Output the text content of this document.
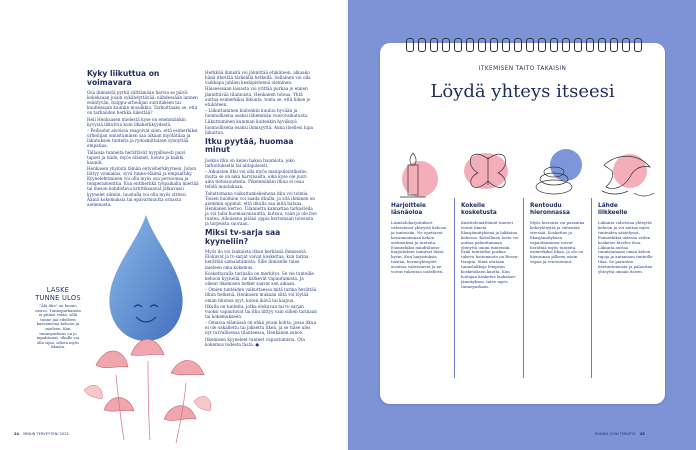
Kyky liikuttua on voimavara

Osa ihmisistä pyrkii välttämään harvia se päivä kokeksaan joiain sykähdyttävää: nähdessään lannen esiintyvän, huippu-urheilijan suoritaksen tai kuullessaan kauniin musiikkia. Tarkoittaako se, että on tarhaiiden herkkä liikettää?

Heli Henksasen mielestä kyse on enemmänkin kyvystä liikuttua kuin ilkaherkkyydestä.

– Peilisolut aivoissa reagoivat siien, että esimerkiksi urheilijan onnistuminen saa aikaan myötätilaa ja liikutuksen tunteita ja rydosmittaisen synnyttää empatiaa.

Tällaisia tunneita herättävät nyypillisesti paivi tapset ja taide, myös eläimet, luonto ja kaikki kauniit.

Henkasen yhyitstä tämän entyisherkkyyteen. Johon liittyy voimakas, syvä tunne-eläimä ja empaattiky. Kyynelehtiminen voi olla myös osa persoonaa ja temperamenttia. Kun entiherkkä työpaikalla miettää tai meson kohdistava kriittiksaavat jatkavassi kyynelet silmiin, taustalla voi olla myös stressi. Ääniä kokemuksia tai epävarmuutta ornasta aiemmasta.

Herkkää ihmistä voi jännittää etukäteen, alkaako hänä itkettää tärkeällä hetkellä. Sellainen voi olla vaikkapa juhlien keskipisteenä oleminen.

Häiseessaan laisasta voi yrittää purkaa jo ennen jännittävää tilannusta, Henkanen toteaa. Yhtä auttaa esimerkiksi liikunta, tonta se, että liikee jo etukäteen.

– Liikuttuminen kuitenkin kuuluu hyvään ja luonnollisena osaksi lähemmän vuorovaikutusta.

Liikuttuminen kumman kuitenkin hyväksyä luonnollisena osaksi ihmisyyttä. Anna itsellesi lupa liikuttua.

Itku pyytää, huomaa minut

Joskus itku on keino hakea huomiota, joko tarkoituksella tai alitajuisesti.

– Aikuisten itku voi olla myös manipulointikeino, mutta se on aika harvinaista, eikä kyse ole juuri aina tietoisuudesta. Pikemminkin itkua ei osaa tehdä muutakaan.

Tahattomana vaikuttamiskeinona itku voi toimia. Toisen huomion voi saada itkulla, ja sitä ihminen on aiemmin oppinut, että itkulla saa mitä haluaa, Henkanen kertoo. Tilannetta kannattaa tarkastella ja voi tulla huomaavaisuutta, kutsuu, vaan ja ole itse tuntea. Aikuisena pitäisi oppia kertomaan toiveista ja tarpeista suoraan.

Miksi tv-sarja saa kyyneliin?

Myös ilo voi laukaista itkun herkässä ihmisessä. Elokuvat ja tv-sarjat voivat koskettaa, kun tarina herättää samaistumista. Sille ihmiselle tulee mieleen oma kokemus.

Koskettavalla tarinalla on merkitys. Se vie tunteille kehoon kyyneliä, ne kätkevät vapautumista. Ja oikeat itkemisen hetket saavat sen aikaan.

– Omien tunteiden vaikuttaessa mitä tarina herättää itkun hetkenä. Henkasen mukaan siltä voi löytää oman itkunsa syyt, kuten ikävä tai kaipuu.

Itkulla on tunteita, jotka elokuvan tai tv-sarjan vuoksi vapautuvat tai itku liittyy vain siihen tarinaan tai kokemukseen.

– Omassa elämässä on ehkä jotain kohta, jossa itkua ei ole uskallettu tai jaksettu itkeä, ja se tulee ulos nyt turvallisessa tilanteessa, Henkanen sanoo.

Itkemisen kyyneleet tunteet vapautumista. Ota kokemus todesta tästä. ●

LASKE
TUNNE ULOS
"Älä itke" on huono neuvo. Tunnepurkausta ei pitäisi estää, sillä tunne jää edelleen kasvaneena kehoon ja mieleen. Kun tunnepurkaus on jo tapahtunut, itkulle voi olla sijaa, silloin myös itkusta.
24 MINUN TERVEYTENI 2023
ITKEMISEN TAITO TAKAISIN
Löydä yhteys itseesi
Harjoittele
läsnäoloa
Kokeile
kosketusta
Rentoudu
hieronnassa
Lähde
liikkeelle
Läsnäoloharjoitukset vahvistavat yhteyttä kehoon ja tunteisiin. Ne opettavat havainnoimaan kehon aistimuksia ja tunteita. Esimerkiksi mindfulness-harjoitukset toimivat tässä hyvin. Kun harjoituksia toistaa, hermoyhteydet aivoissa vahvistuvat ja ne voivat rakentua uudelleen.
Käsittelemättömät tunteet voivat ilmetä lihasjännityksinä ja lukkoina kehossa. Kehollinen hoito voi auttaa palauttamaan yhteyttä omiin tunteisiin. Erää tunteiden purkua tukeva hoitomuoto on Rosen-terapia. Siinä avataan tunnelukkoja lempeän kosketuksen kautta. Kun hoitajan kosketus laukaisee jännityksen, tulee myös tunnepurkaus.
Myös hieronta voi parantaa kehoyhteyttä ja vähentää stressiä. Koskettus ja lihasjännityksen vapauttaminen voivat herättää myös tunteita, esimerkiksi itkua, ja olo on hieronnan jälkeen usein vapaa ja rentoutunut.
Liikunta vahvistaa yhteyttä kehoon ja voi auttaa myös tunteiden säätelyssä. Esimerkiksi uidessa veden kosketus hivelee ihoa. Liikunta auttaa tunnistamaan oman kehon rajoja ja antamaan tunteille tilaa. Se parantaa itsetuntemusta ja palauttaa yhteyttä omaan itseen.
KUINKA VOIN TERVEYS 25
